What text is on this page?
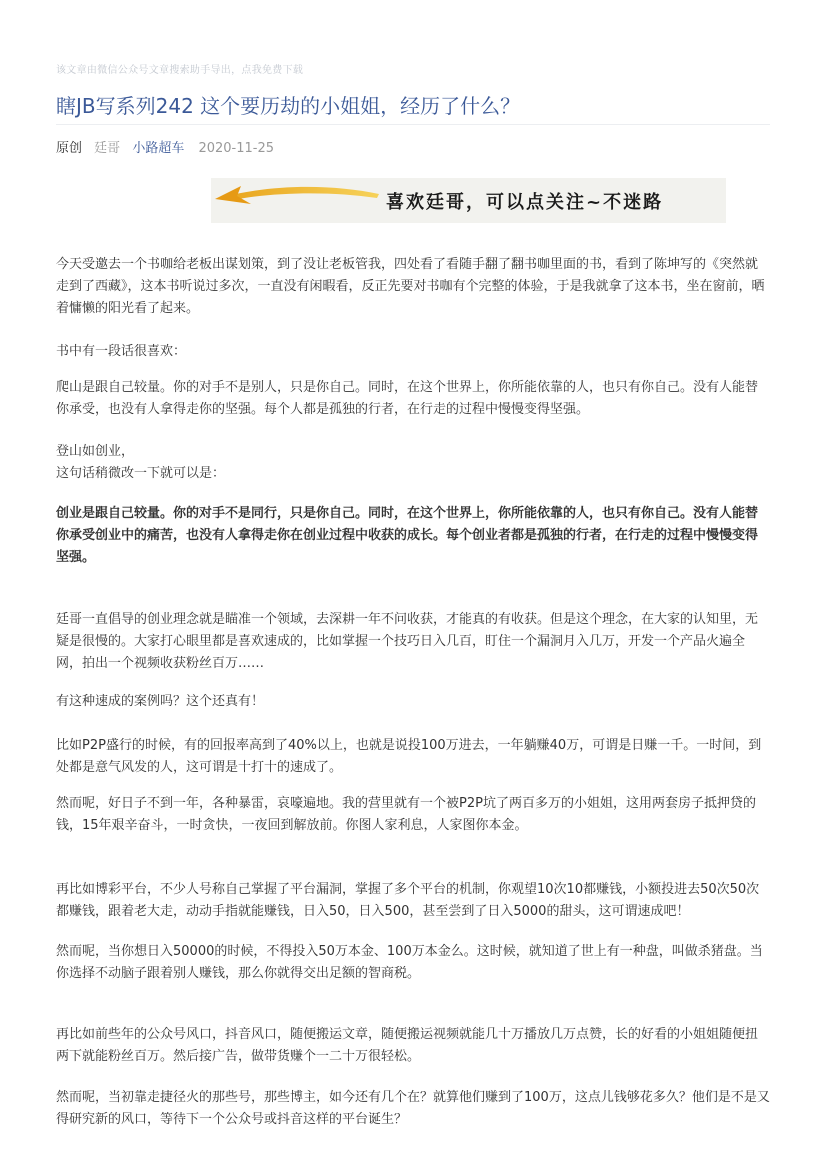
该文章由微信公众号文章搜索助手导出，点我免费下载
瞎JB写系列242 这个要历劫的小姐姐，经历了什么？
原创 廷哥 小路超车 2020-11-25
喜欢廷哥，可以点关注~不迷路

今天受邀去一个书咖给老板出谋划策，到了没让老板管我，四处看了看随手翻了翻书咖里面的书，看到了陈坤写的《突然就走到了西藏》，这本书听说过多次，一直没有闲暇看，反正先要对书咖有个完整的体验，于是我就拿了这本书，坐在窗前，晒着慵懒的阳光看了起来。

书中有一段话很喜欢：

爬山是跟自己较量。你的对手不是别人，只是你自己。同时，在这个世界上，你所能依靠的人，也只有你自己。没有人能替你承受，也没有人拿得走你的坚强。每个人都是孤独的行者，在行走的过程中慢慢变得坚强。

登山如创业，

这句话稍微改一下就可以是：

创业是跟自己较量。你的对手不是同行，只是你自己。同时，在这个世界上，你所能依靠的人，也只有你自己。没有人能替你承受创业中的痛苦，也没有人拿得走你在创业过程中收获的成长。每个创业者都是孤独的行者，在行走的过程中慢慢变得坚强。

廷哥一直倡导的创业理念就是瞄准一个领域，去深耕一年不问收获，才能真的有收获。但是这个理念，在大家的认知里，无疑是很慢的。大家打心眼里都是喜欢速成的，比如掌握一个技巧日入几百，盯住一个漏洞月入几万，开发一个产品火遍全网，拍出一个视频收获粉丝百万……

有这种速成的案例吗？这个还真有！

比如P2P盛行的时候，有的回报率高到了40%以上，也就是说投100万进去，一年躺赚40万，可谓是日赚一千。一时间，到处都是意气风发的人，这可谓是十打十的速成了。

然而呢，好日子不到一年，各种暴雷，哀嚎遍地。我的营里就有一个被P2P坑了两百多万的小姐姐，这用两套房子抵押贷的钱，15年艰辛奋斗，一时贪快，一夜回到解放前。你图人家利息，人家图你本金。

再比如博彩平台，不少人号称自己掌握了平台漏洞，掌握了多个平台的机制，你观望10次10都赚钱，小额投进去50次50次都赚钱，跟着老大走，动动手指就能赚钱，日入50，日入500，甚至尝到了日入5000的甜头，这可谓速成吧！

然而呢，当你想日入50000的时候，不得投入50万本金、100万本金么。这时候，就知道了世上有一种盘，叫做杀猪盘。当你选择不动脑子跟着别人赚钱，那么你就得交出足额的智商税。

再比如前些年的公众号风口，抖音风口，随便搬运文章，随便搬运视频就能几十万播放几万点赞，长的好看的小姐姐随便扭两下就能粉丝百万。然后接广告，做带货赚个一二十万很轻松。

然而呢，当初靠走捷径火的那些号，那些博主，如今还有几个在？就算他们赚到了100万，这点儿钱够花多久？他们是不是又得研究新的风口，等待下一个公众号或抖音这样的平台诞生？
